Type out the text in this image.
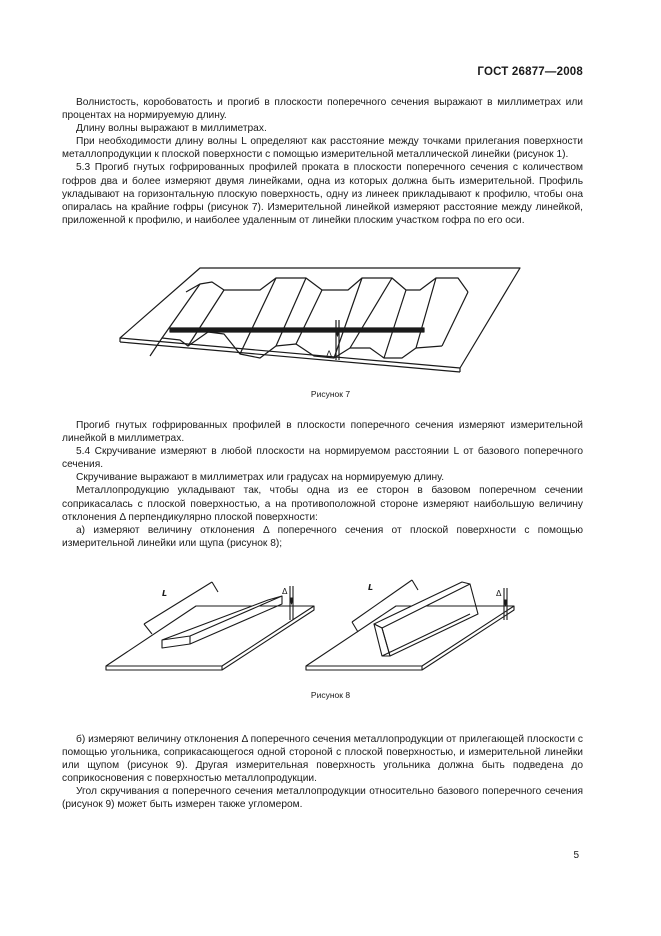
ГОСТ 26877—2008

Волнистость, коробоватость и прогиб в плоскости поперечного сечения выражают в миллиметрах или процентах на нормируемую длину.

Длину волны выражают в миллиметрах.

При необходимости длину волны L определяют как расстояние между точками прилегания поверхности металлопродукции к плоской поверхности с помощью измерительной металлической линейки (рисунок 1).

5.3 Прогиб гнутых гофрированных профилей проката в плоскости поперечного сечения с количеством гофров два и более измеряют двумя линейками, одна из которых должна быть измерительной. Профиль укладывают на горизонтальную плоскую поверхность, одну из линеек прикладывают к профилю, чтобы она опиралась на крайние гофры (рисунок 7). Измерительной линейкой измеряют расстояние между линейкой, приложенной к профилю, и наиболее удаленным от линейки плоским участком гофра по его оси.

Δ
Рисунок 7

Прогиб гнутых гофрированных профилей в плоскости поперечного сечения измеряют измерительной линейкой в миллиметрах.

5.4 Скручивание измеряют в любой плоскости на нормируемом расстоянии L от базового поперечного сечения.

Скручивание выражают в миллиметрах или градусах на нормируемую длину.

Металлопродукцию укладывают так, чтобы одна из ее сторон в базовом поперечном сечении соприкасалась с плоской поверхностью, а на противоположной стороне измеряют наибольшую величину отклонения Δ перпендикулярно плоской поверхности:

а) измеряют величину отклонения Δ поперечного сечения от плоской поверхности с помощью измерительной линейки или щупа (рисунок 8);

L	Δ	L
Δ
Рисунок 8

б) измеряют величину отклонения Δ поперечного сечения металлопродукции от прилегающей плоскости с помощью угольника, соприкасающегося одной стороной с плоской поверхностью, и измерительной линейки или щупом (рисунок 9). Другая измерительная поверхность угольника должна быть подведена до соприкосновения с поверхностью металлопродукции.

Угол скручивания α поперечного сечения металлопродукции относительно базового поперечного сечения (рисунок 9) может быть измерен также угломером.

5
